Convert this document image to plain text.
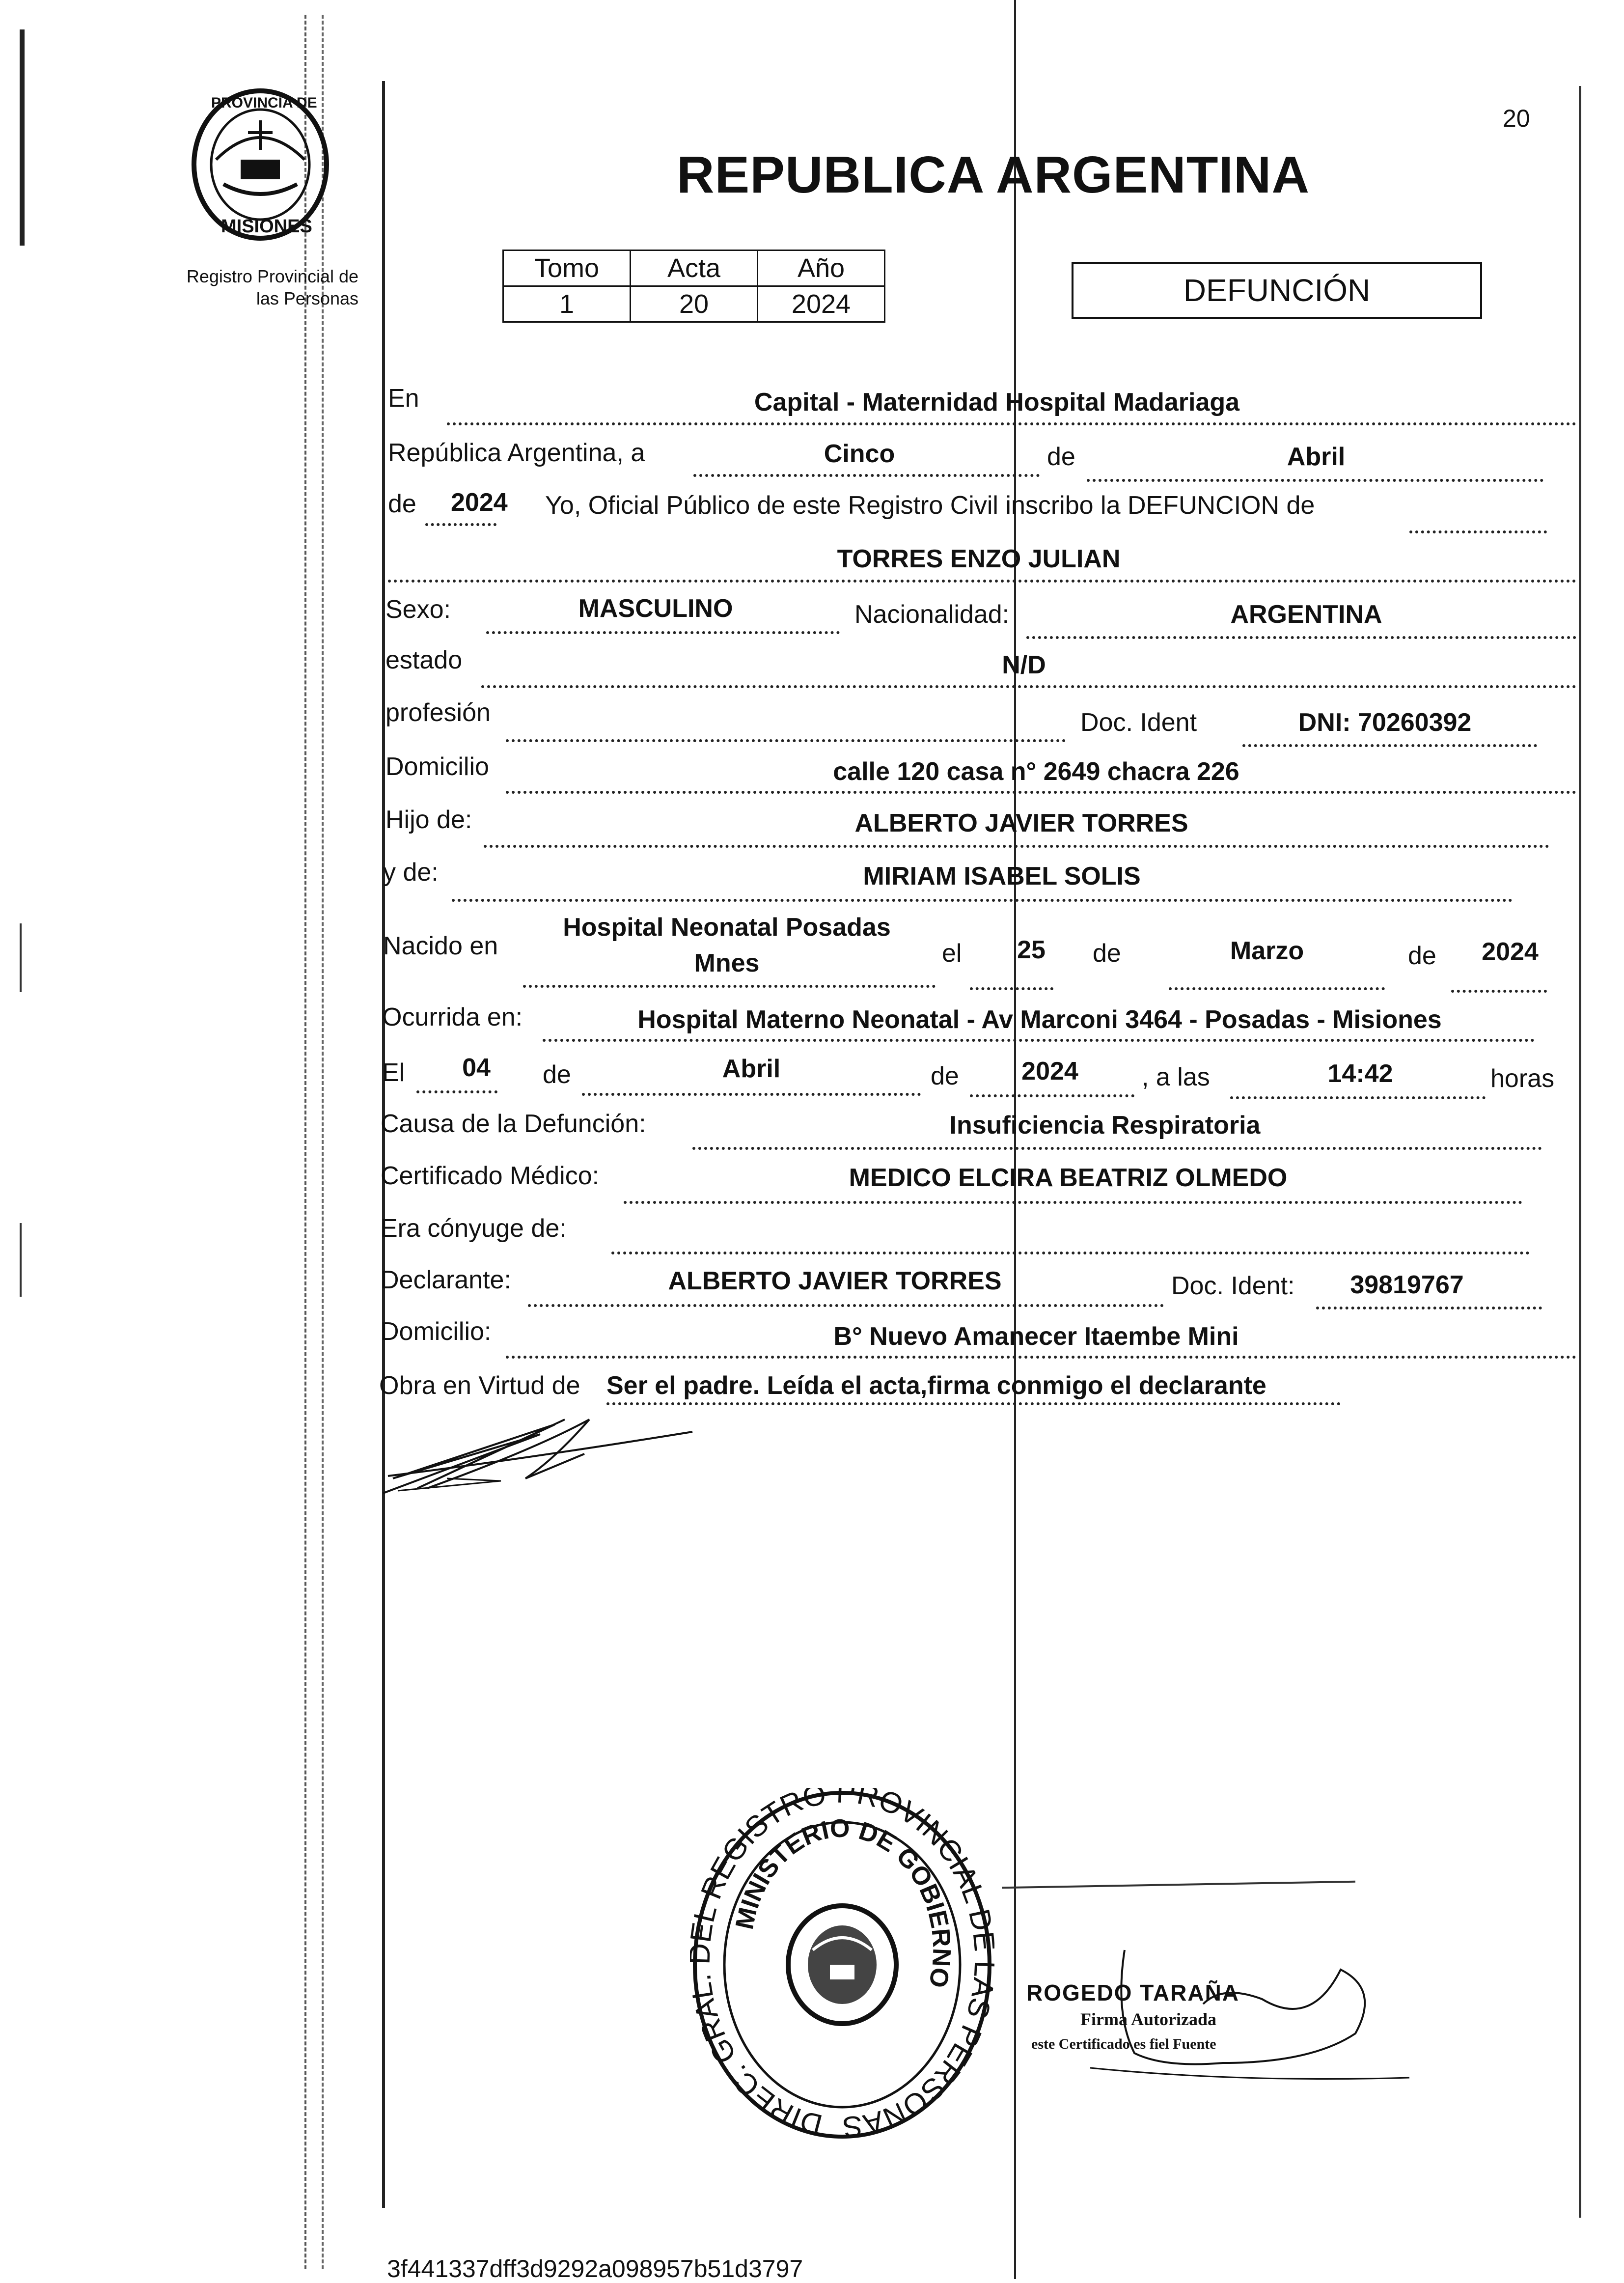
PROVINCIA DE
MISIONES
Registro Provincial de
las Personas
20
REPUBLICA ARGENTINA
Tomo	Acta	Año
1	20	2024	DEFUNCIÓN
En	Capital - Maternidad Hospital Madariaga
República Argentina, a	Cinco	de	Abril
de 2024 Yo, Oficial Público de este Registro Civil inscribo la DEFUNCION de
TORRES ENZO JULIAN
Sexo:	MASCULINO	Nacionalidad:	ARGENTINA
estado	N/D
profesión	Doc. Ident	DNI: 70260392
Domicilio	calle 120 casa n° 2649 chacra 226
Hijo de:	ALBERTO JAVIER TORRES
y de:	MIRIAM ISABEL SOLIS
Nacido en
Hospital Neonatal Posadas
Mnes	el 25 de	Marzo	de 2024
Ocurrida en:	Hospital Materno Neonatal - Av Marconi 3464 - Posadas - Misiones
El 04 de	Abril	de 2024 , a las	14:42	horas
Causa de la Defunción:	Insuficiencia Respiratoria
Certificado Médico:	MEDICO ELCIRA BEATRIZ OLMEDO
Era cónyuge de:
Declarante:	ALBERTO JAVIER TORRES	Doc. Ident: 39819767
Domicilio:	B° Nuevo Amanecer Itaembe Mini
Obra en Virtud de Ser el padre. Leída el acta,firma conmigo el declarante
DIREC. GRA L REGISTRO PROVINCIAL S PERSONAS
MINISTERIO DE GOBIERNO
ROGEDO TARAÑA
Firma Autorizada
este Certificado es fiel Fuente
3f441337dff3d9292a098957b51d3797
